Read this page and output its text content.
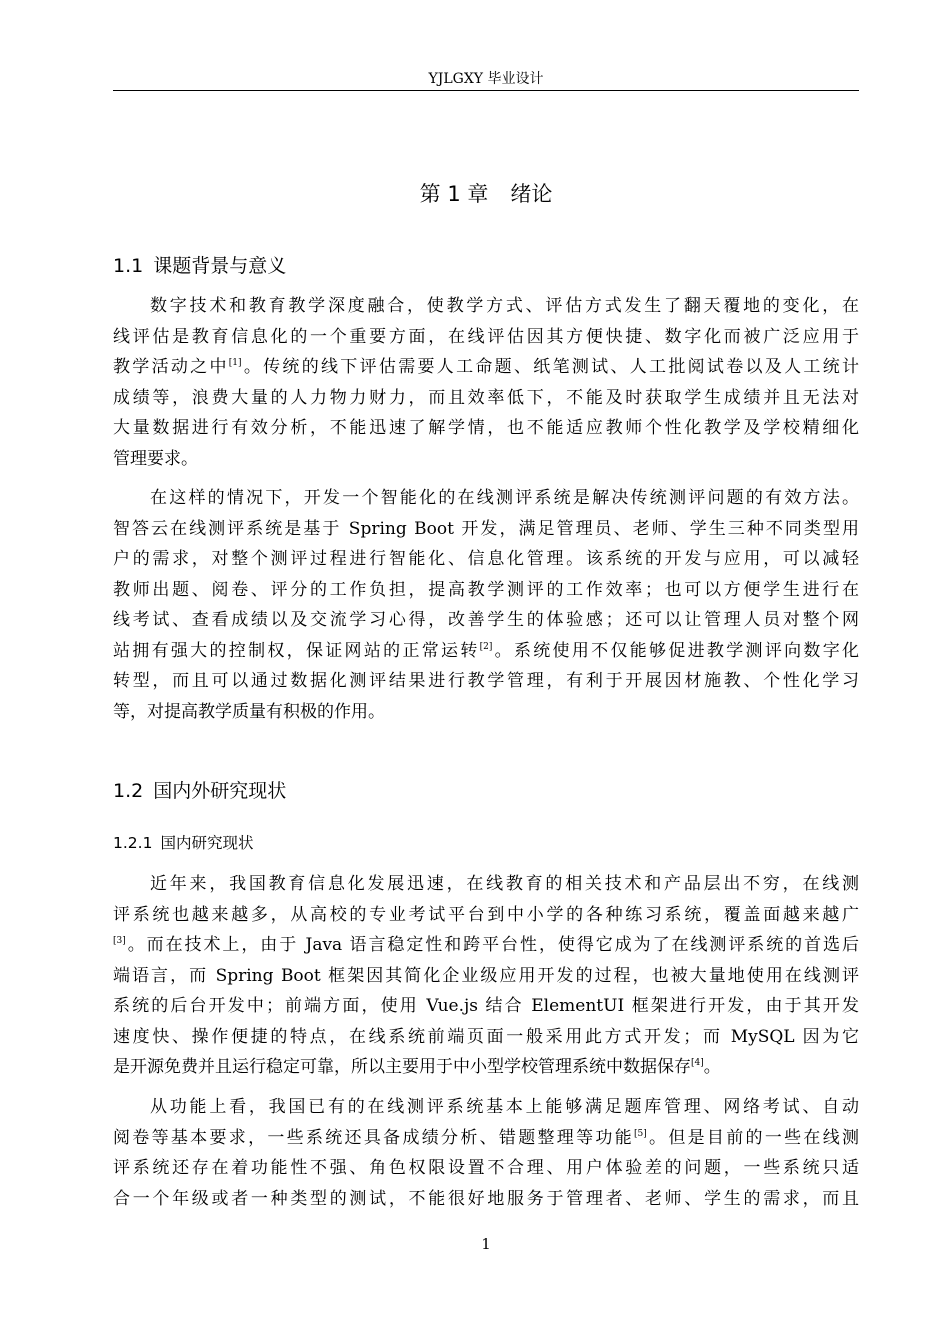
YJLGXY 毕业设计
第 1 章 绪论
1.1 课题背景与意义
数字技术和教育教学深度融合，使教学方式、评估方式发生了翻天覆地的变化，在
线评估是教育信息化的一个重要方面，在线评估因其方便快捷、数字化而被广泛应用于
教学活动之中[1]。传统的线下评估需要人工命题、纸笔测试、人工批阅试卷以及人工统计
成绩等，浪费大量的人力物力财力，而且效率低下，不能及时获取学生成绩并且无法对
大量数据进行有效分析，不能迅速了解学情，也不能适应教师个性化教学及学校精细化
管理要求。
在这样的情况下，开发一个智能化的在线测评系统是解决传统测评问题的有效方法。
智答云在线测评系统是基于 Spring Boot 开发，满足管理员、老师、学生三种不同类型用
户的需求，对整个测评过程进行智能化、信息化管理。该系统的开发与应用，可以减轻
教师出题、阅卷、评分的工作负担，提高教学测评的工作效率；也可以方便学生进行在
线考试、查看成绩以及交流学习心得，改善学生的体验感；还可以让管理人员对整个网
站拥有强大的控制权，保证网站的正常运转[2]。系统使用不仅能够促进教学测评向数字化
转型，而且可以通过数据化测评结果进行教学管理，有利于开展因材施教、个性化学习
等，对提高教学质量有积极的作用。
1.2 国内外研究现状
1.2.1 国内研究现状
近年来，我国教育信息化发展迅速，在线教育的相关技术和产品层出不穷，在线测
评系统也越来越多，从高校的专业考试平台到中小学的各种练习系统，覆盖面越来越广
[3]。而在技术上，由于 Java 语言稳定性和跨平台性，使得它成为了在线测评系统的首选后
端语言，而 Spring Boot 框架因其简化企业级应用开发的过程，也被大量地使用在线测评
系统的后台开发中；前端方面，使用 Vue.js 结合 ElementUI 框架进行开发，由于其开发
速度快、操作便捷的特点，在线系统前端页面一般采用此方式开发；而 MySQL 因为它
是开源免费并且运行稳定可靠，所以主要用于中小型学校管理系统中数据保存[4]。
从功能上看，我国已有的在线测评系统基本上能够满足题库管理、网络考试、自动
阅卷等基本要求，一些系统还具备成绩分析、错题整理等功能[5]。但是目前的一些在线测
评系统还存在着功能性不强、角色权限设置不合理、用户体验差的问题，一些系统只适
合一个年级或者一种类型的测试，不能很好地服务于管理者、老师、学生的需求，而且
1
